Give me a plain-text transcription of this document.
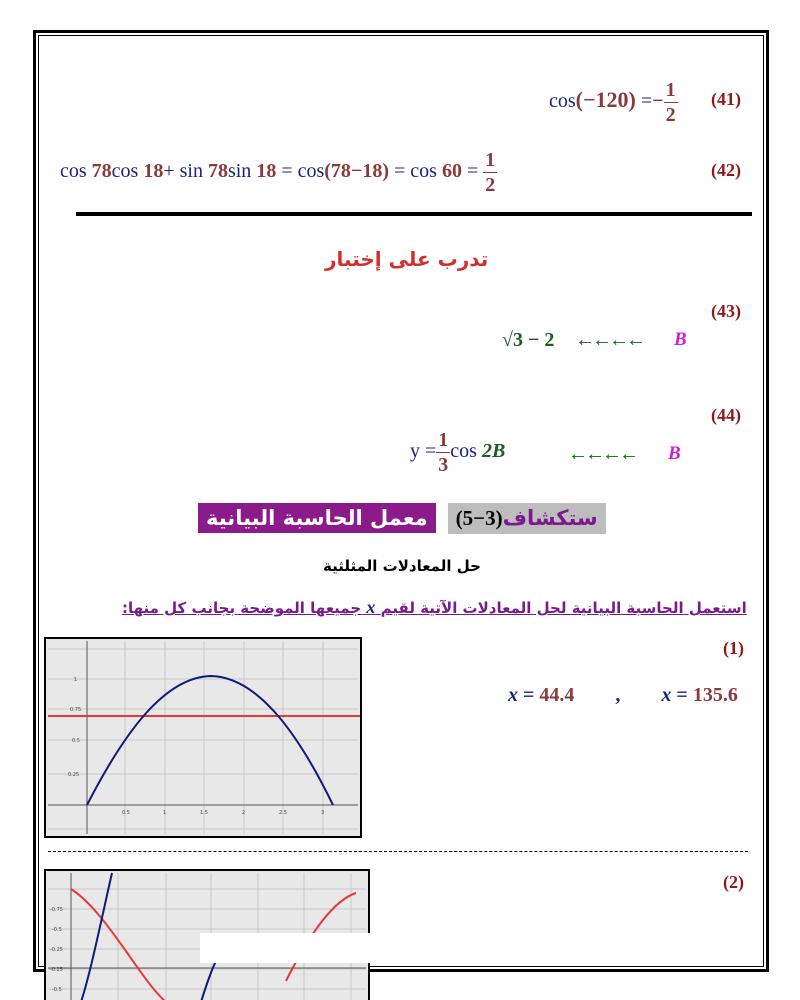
$\cos(-120) =- \frac{1}{2} (41)$
cos 78cos 18+ sin 78sin $18 = \cos(78-18) = \cos 60 = \frac{1}{2}$	(42)
تدرب على إختبار
(43)
√3 − 2 ←←←← B
(44)
$y = \frac{1}{3}$ cos 2B	←←←← B
معمل الحاسبة البيانية (5−3)ستكشاف
حل المعادلات المثلثية
استعمل الحاسبة البيانية لحل المعادلات الآتية لقيم x جميعها الموضحة بجانب كل منها:
1
0.75
0.5
0.25
0.5	1	1.5	2	2.5	3
(1)
x = 44.4 , x = 135.6
-0.75
-0.5
-0.25
-0.25
-0.5
(2)
